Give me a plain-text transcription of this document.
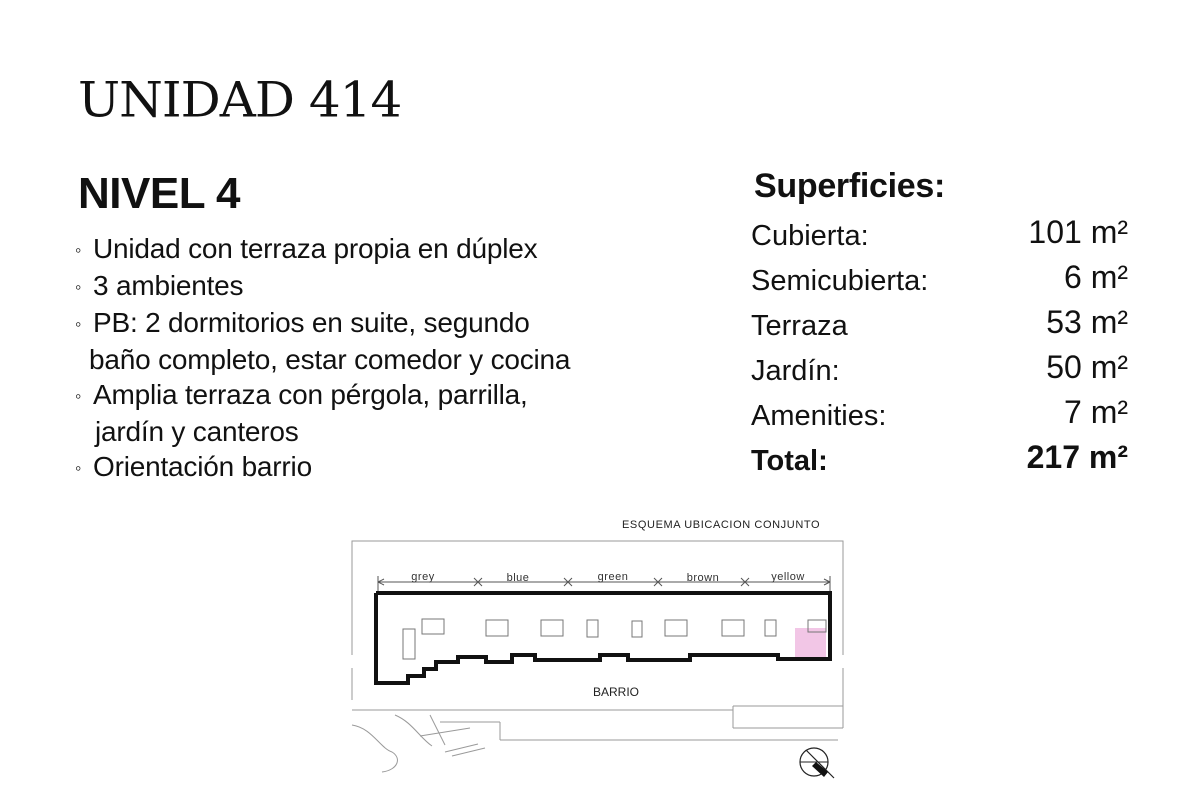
UNIDAD 414
NIVEL 4
◦ Unidad con terraza propia en dúplex
◦ 3 ambientes
◦ PB: 2 dormitorios en suite, segundo
baño completo, estar comedor y cocina
◦ Amplia terraza con pérgola, parrilla,
jardín y canteros
◦ Orientación barrio
Superficies:
Cubierta:	101 m²
Semicubierta:	6 m²
Terraza	53 m²
Jardín:	50 m²
Amenities:	7 m²
Total:	217 m²
ESQUEMA UBICACION CONJUNTO
grey	blue	green	brown	yellow
BARRIO
